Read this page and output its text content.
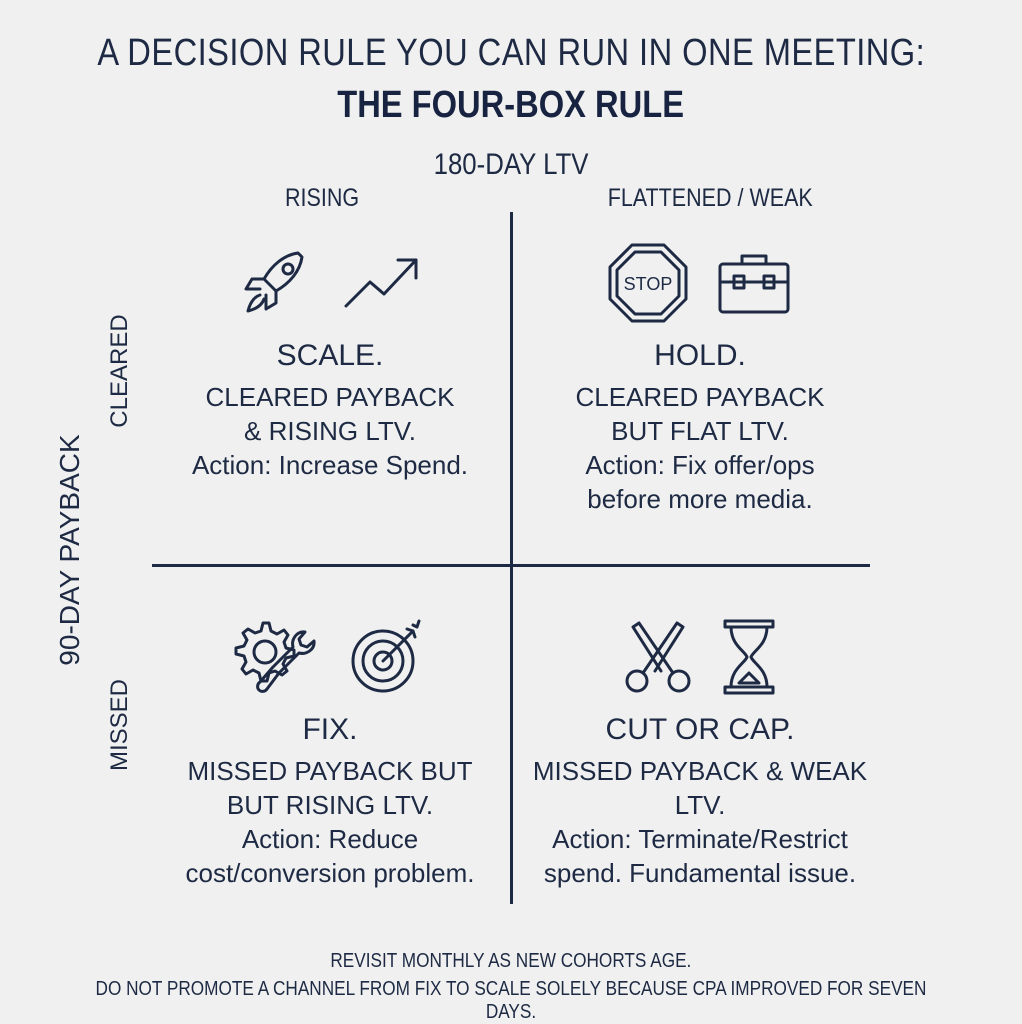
A DECISION RULE YOU CAN RUN IN ONE MEETING:
THE FOUR-BOX RULE
180-DAY LTV
RISING	FLATTENED / WEAK
90-DAY PAYBACK
CLEARED
MISSED
SCALE.
CLEARED PAYBACK
& RISING LTV.
Action: Increase Spend.
STOP
HOLD.
CLEARED PAYBACK
BUT FLAT LTV.
Action: Fix offer/ops
before more media.
FIX.
MISSED PAYBACK BUT
BUT RISING LTV.
Action: Reduce
cost/conversion problem.
CUT OR CAP.
MISSED PAYBACK & WEAK LTV.
Action: Terminate/Restrict
spend. Fundamental issue.
REVISIT MONTHLY AS NEW COHORTS AGE.
DO NOT PROMOTE A CHANNEL FROM FIX TO SCALE SOLELY BECAUSE CPA IMPROVED FOR SEVEN DAYS.
